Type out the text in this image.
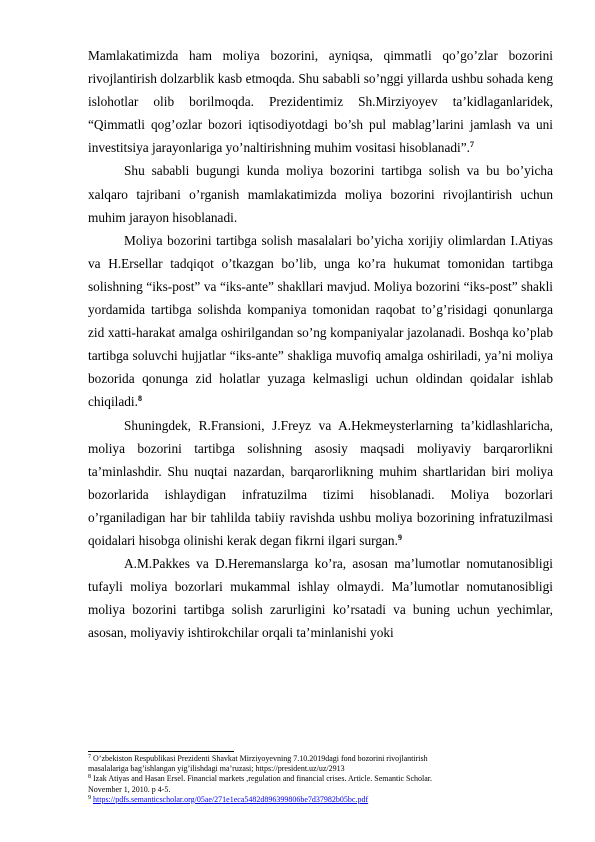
Mamlakatimizda ham moliya bozorini, ayniqsa, qimmatli qo’go’zlar bozorini rivojlantirish dolzarblik kasb etmoqda. Shu sababli so’nggi yillarda ushbu sohada keng islohotlar olib borilmoqda. Prezidentimiz Sh.Mirziyoyev ta’kidlaganlaridek, “Qimmatli qog’ozlar bozori iqtisodiyotdagi bo’sh pul mablag’larini jamlash va uni investitsiya jarayonlariga yo’naltirishning muhim vositasi hisoblanadi”.$^7$

Shu sababli bugungi kunda moliya bozorini tartibga solish va bu bo’yicha xalqaro tajribani o’rganish mamlakatimizda moliya bozorini rivojlantirish uchun muhim jarayon hisoblanadi.

Moliya bozorini tartibga solish masalalari bo’yicha xorijiy olimlardan I.Atiyas va H.Ersellar tadqiqot o’tkazgan bo’lib, unga ko’ra hukumat tomonidan tartibga solishning “iks-post” va “iks-ante” shakllari mavjud. Moliya bozorini “iks-post” shakli yordamida tartibga solishda kompaniya tomonidan raqobat to’g’risidagi qonunlarga zid xatti-harakat amalga oshirilgandan so’ng kompaniyalar jazolanadi. Boshqa ko’plab tartibga soluvchi hujjatlar “iks-ante” shakliga muvofiq amalga oshiriladi, ya’ni moliya bozorida qonunga zid holatlar yuzaga kelmasligi uchun oldindan qoidalar ishlab chiqiladi.$^8$

Shuningdek, R.Fransioni, J.Freyz va A.Hekmeysterlarning ta’kidlashlaricha, moliya bozorini tartibga solishning asosiy maqsadi moliyaviy barqarorlikni ta’minlashdir. Shu nuqtai nazardan, barqarorlikning muhim shartlaridan biri moliya bozorlarida ishlaydigan infratuzilma tizimi hisoblanadi. Moliya bozorlari o’rganiladigan har bir tahlilda tabiiy ravishda ushbu moliya bozorining infratuzilmasi qoidalari hisobga olinishi kerak degan fikrni ilgari surgan.$^9$

A.M.Pakkes va D.Heremanslarga ko’ra, asosan ma’lumotlar nomutanosibligi tufayli moliya bozorlari mukammal ishlay olmaydi. Ma’lumotlar nomutanosibligi moliya bozorini tartibga solish zarurligini ko’rsatadi va buning uchun yechimlar, asosan, moliyaviy ishtirokchilar orqali ta’minlanishi yoki

$^7$ O’zbekiston Respublikasi Prezidenti Shavkat Mirziyoyevning 7.10.2019dagi fond bozorini rivojlantirish
masalalariga bag’ishlangan yig’ilishdagi ma’ruzasi; https://president.uz/uz/2913
$^8$ Izak Atiyas and Hasan Ersel. Financial markets ,regulation and financial crises. Article. Semantic Scholar.
November 1, 2010. p 4-5.
$^9$ https://pdfs.semanticscholar.org/05ae/271e1eca5482d896399806be7d37982b05bc.pdf
